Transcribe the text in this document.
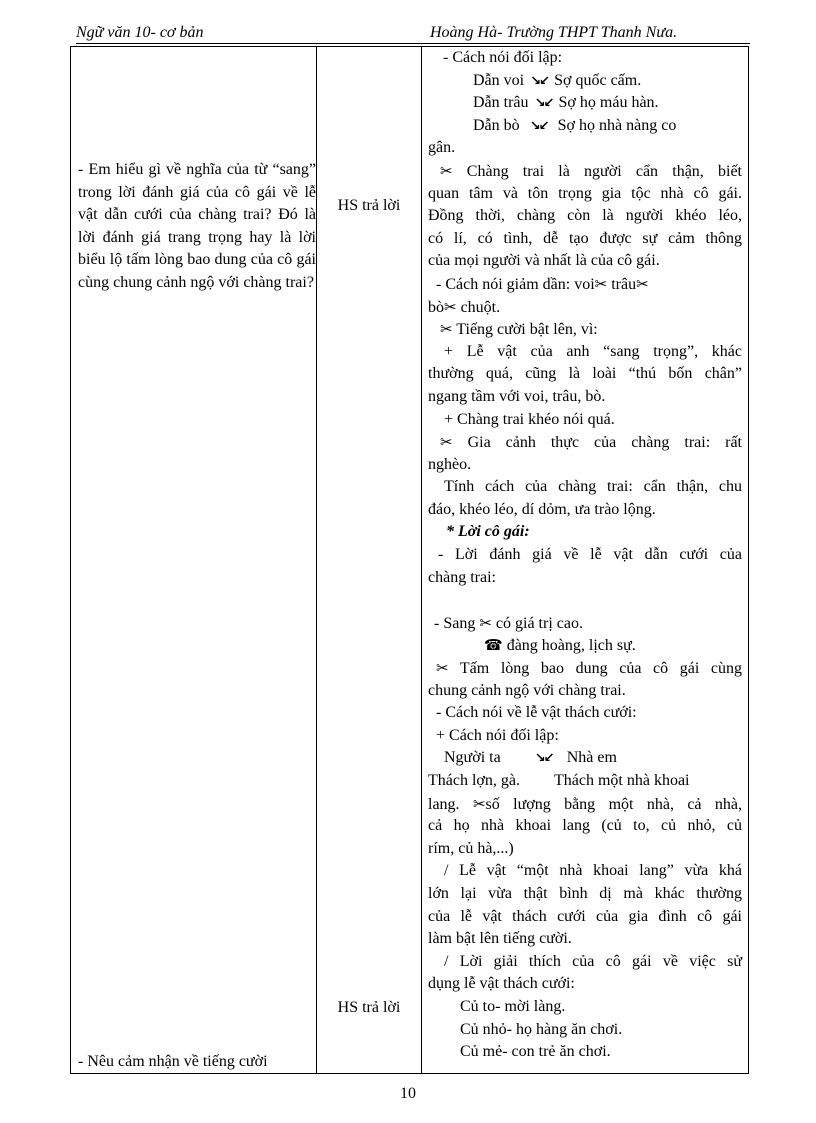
Ngữ văn 10- cơ bản	Hoàng Hà- Trường THPT Thanh Nưa.
- Em hiểu gì về nghĩa của từ “sang” trong lời đánh giá của cô gái về lễ vật dẫn cưới của chàng trai? Đó là lời đánh giá trang trọng hay là lời biểu lộ tấm lòng bao dung của cô gái cùng chung cảnh ngộ với chàng trai?
- Nêu cảm nhận về tiếng cười
HS trả lời
HS trả lời
- Cách nói đối lập:
Dẫn voi ↘↙ Sợ quốc cấm.
Dẫn trâu ↘↙ Sợ họ máu hàn.
Dẫn bò ↘↙ Sợ họ nhà nàng co
gân.
✂ Chàng trai là người cẩn thận, biết
quan tâm và tôn trọng gia tộc nhà cô gái.
Đồng thời, chàng còn là người khéo léo,
có lí, có tình, dễ tạo được sự cảm thông
của mọi người và nhất là của cô gái.
- Cách nói giảm dần: voi✂ trâu✂
bò✂ chuột.
✂ Tiếng cười bật lên, vì:
+ Lễ vật của anh “sang trọng”, khác
thường quá, cũng là loài “thú bốn chân”
ngang tầm với voi, trâu, bò.
+ Chàng trai khéo nói quá.
✂ Gia cảnh thực của chàng trai: rất
nghèo.
Tính cách của chàng trai: cẩn thận, chu
đáo, khéo léo, dí dỏm, ưa trào lộng.
* Lời cô gái:
- Lời đánh giá về lễ vật dẫn cưới của
chàng trai:
- Sang ✂ có giá trị cao.
☎ đàng hoàng, lịch sự.
✂ Tấm lòng bao dung của cô gái cùng
chung cảnh ngộ với chàng trai.
- Cách nói về lễ vật thách cưới:
+ Cách nói đối lập:
Người ta	↘↙ Nhà em
Thách lợn, gà. Thách một nhà khoai
lang. ✂số lượng bằng một nhà, cả nhà,
cả họ nhà khoai lang (củ to, củ nhỏ, củ
rím, củ hà,...)
/ Lễ vật “một nhà khoai lang” vừa khá
lớn lại vừa thật bình dị mà khác thường
của lễ vật thách cưới của gia đình cô gái
làm bật lên tiếng cười.
/ Lời giải thích của cô gái về việc sử
dụng lễ vật thách cưới:
Củ to- mời làng.
Củ nhỏ- họ hàng ăn chơi.
Củ mẻ- con trẻ ăn chơi.
10
